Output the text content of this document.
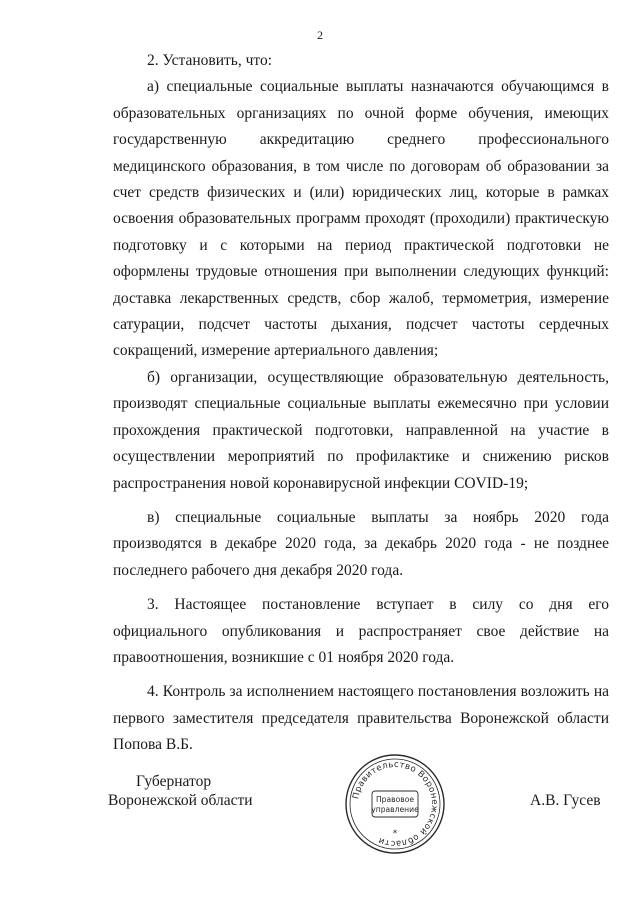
2

2. Установить, что:

а) специальные социальные выплаты назначаются обучающимся в образовательных организациях по очной форме обучения, имеющих государственную аккредитацию среднего профессионального медицинского образования, в том числе по договорам об образовании за счет средств физических и (или) юридических лиц, которые в рамках освоения образовательных программ проходят (проходили) практическую подготовку и с которыми на период практической подготовки не оформлены трудовые отношения при выполнении следующих функций: доставка лекарственных средств, сбор жалоб, термометрия, измерение сатурации, подсчет частоты дыхания, подсчет частоты сердечных сокращений, измерение артериального давления;

б) организации, осуществляющие образовательную деятельность, производят специальные социальные выплаты ежемесячно при условии прохождения практической подготовки, направленной на участие в осуществлении мероприятий по профилактике и снижению рисков распространения новой коронавирусной инфекции COVID-19;

в) специальные социальные выплаты за ноябрь 2020 года производятся в декабре 2020 года, за декабрь 2020 года - не позднее последнего рабочего дня декабря 2020 года.

3. Настоящее постановление вступает в силу со дня его официального опубликования и распространяет свое действие на правоотношения, возникшие с 01 ноября 2020 года.

4. Контроль за исполнением настоящего постановления возложить на первого заместителя председателя правительства Воронежской области Попова В.Б.

Губернатор
Воронежской области	Правительство Воронежской области
Правовое
управление
*
А.В. Гусев
